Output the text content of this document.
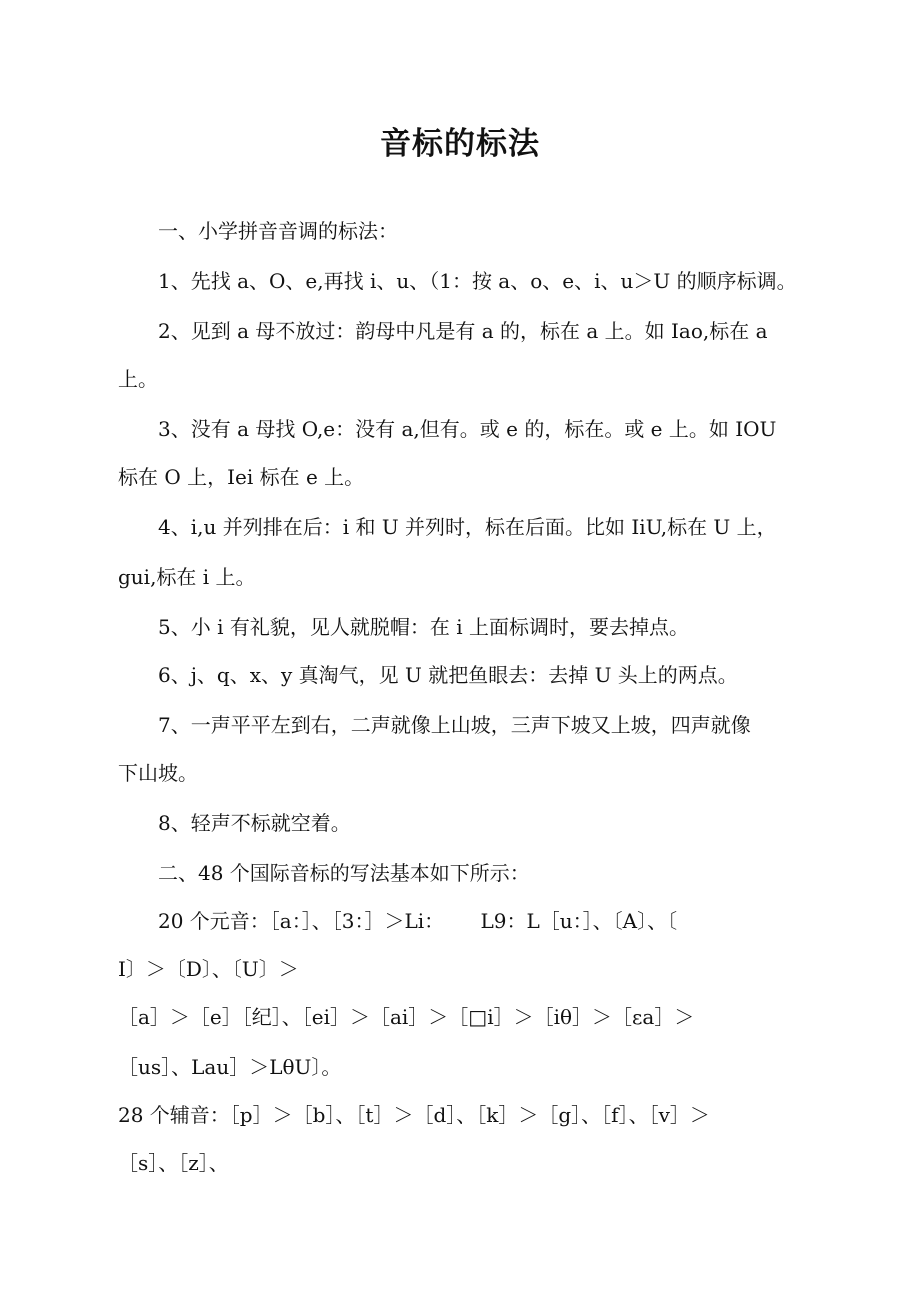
音标的标法
一、小学拼音音调的标法：
1、先找 a、O、e,再找 i、u、（1：按 a、o、e、i、u＞U 的顺序标调。
2、见到 a 母不放过：韵母中凡是有 a 的，标在 a 上。如 Iao,标在 a
上。
3、没有 a 母找 O,e：没有 a,但有。或 e 的，标在。或 e 上。如 IOU
标在 O 上，Iei 标在 e 上。
4、i,u 并列排在后：i 和 U 并列时，标在后面。比如 IiU,标在 U 上，
gui,标在 i 上。
5、小 i 有礼貌，见人就脱帽：在 i 上面标调时，要去掉点。
6、j、q、x、y 真淘气，见 U 就把鱼眼去：去掉 U 头上的两点。
7、一声平平左到右，二声就像上山坡，三声下坡又上坡，四声就像
下山坡。
8、轻声不标就空着。
二、48 个国际音标的写法基本如下所示：
20 个元音：［a：］、［3：］＞Li：　　 L9：L［u：］、〔A〕、〔
I〕＞〔D〕、〔U〕＞
［a］＞［e］［纪］、［ei］＞［ai］＞［□i］＞［iθ］＞［εa］＞
［us］、Lau］＞LθU〕。
28 个辅音：［p］＞［b］、［t］＞［d］、［k］＞［g］、［f］、［v］＞
［s］、［z］、
